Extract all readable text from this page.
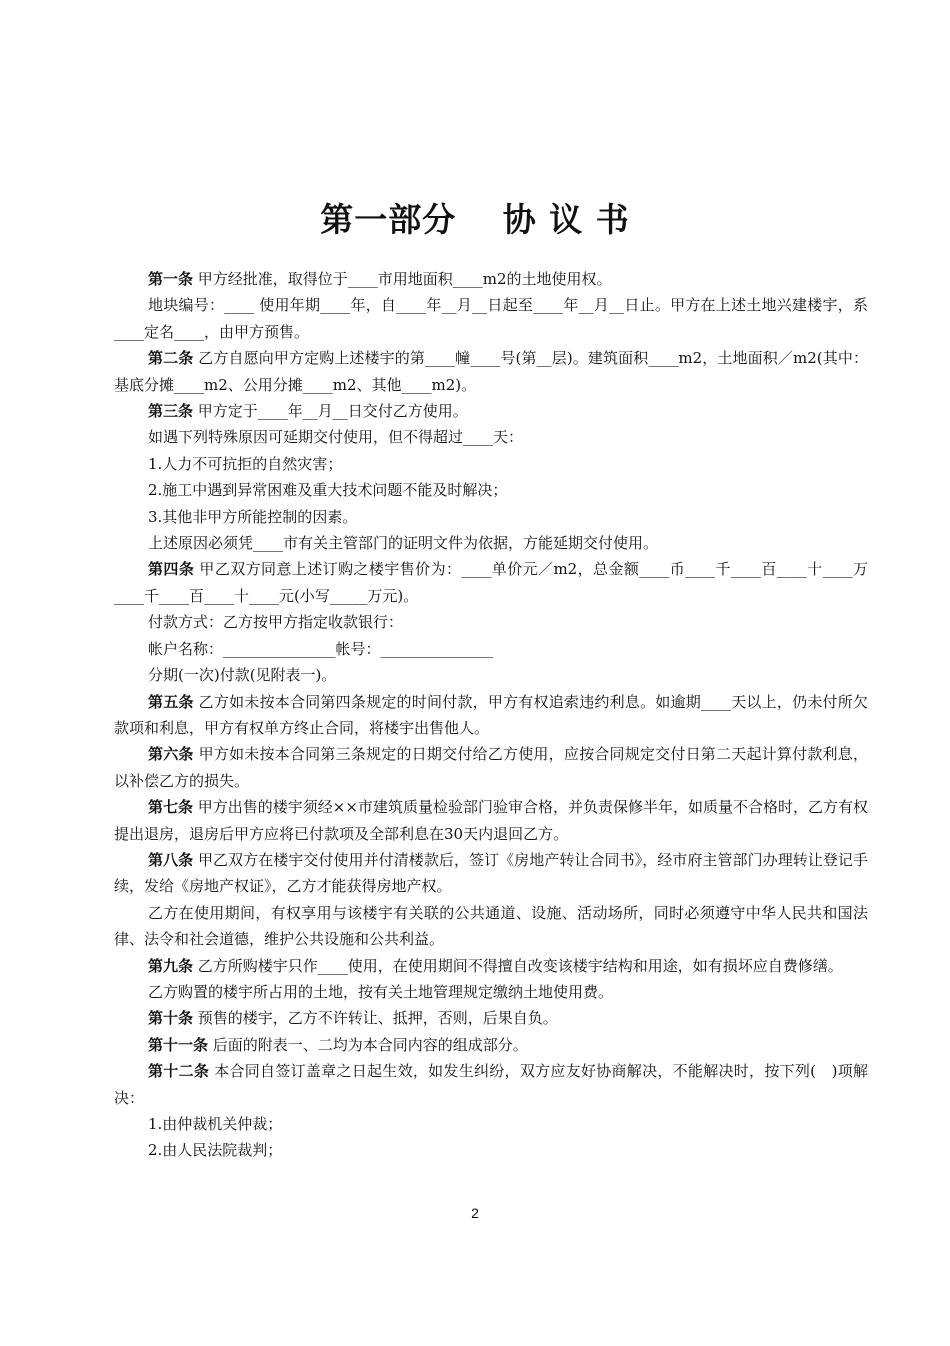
第一部分　 协 议 书

第一条 甲方经批准，取得位于____市用地面积____m2的土地使用权。

地块编号：____ 使用年期____年，自____年__月__日起至____年__月__日止。甲方在上述土地兴建楼宇，系____定名____，由甲方预售。

第二条 乙方自愿向甲方定购上述楼宇的第____幢____号(第__层)。建筑面积____m2，土地面积／m2(其中：基底分摊____m2、公用分摊____m2、其他____m2)。

第三条 甲方定于____年__月__日交付乙方使用。

如遇下列特殊原因可延期交付使用，但不得超过____天：

1.人力不可抗拒的自然灾害；

2.施工中遇到异常困难及重大技术问题不能及时解决；

3.其他非甲方所能控制的因素。

上述原因必须凭____市有关主管部门的证明文件为依据，方能延期交付使用。

第四条 甲乙双方同意上述订购之楼宇售价为：____单价元／m2，总金额____币____千____百____十____万____千____百____十____元(小写_____万元)。

付款方式：乙方按甲方指定收款银行：

帐户名称：_______________帐号：_______________

分期(一次)付款(见附表一)。

第五条 乙方如未按本合同第四条规定的时间付款，甲方有权追索违约利息。如逾期____天以上，仍未付所欠款项和利息，甲方有权单方终止合同，将楼宇出售他人。

第六条 甲方如未按本合同第三条规定的日期交付给乙方使用，应按合同规定交付日第二天起计算付款利息，以补偿乙方的损失。

第七条 甲方出售的楼宇须经××市建筑质量检验部门验审合格，并负责保修半年，如质量不合格时，乙方有权提出退房，退房后甲方应将已付款项及全部利息在30天内退回乙方。

第八条 甲乙双方在楼宇交付使用并付清楼款后，签订《房地产转让合同书》，经市府主管部门办理转让登记手续，发给《房地产权证》，乙方才能获得房地产权。

乙方在使用期间，有权享用与该楼宇有关联的公共通道、设施、活动场所，同时必须遵守中华人民共和国法律、法令和社会道德，维护公共设施和公共利益。

第九条 乙方所购楼宇只作____使用，在使用期间不得擅自改变该楼宇结构和用途，如有损坏应自费修缮。

乙方购置的楼宇所占用的土地，按有关土地管理规定缴纳土地使用费。

第十条 预售的楼宇，乙方不许转让、抵押，否则，后果自负。

第十一条 后面的附表一、二均为本合同内容的组成部分。

第十二条 本合同自签订盖章之日起生效，如发生纠纷，双方应友好协商解决，不能解决时，按下列(　)项解决：

1.由仲裁机关仲裁；

2.由人民法院裁判；

2
